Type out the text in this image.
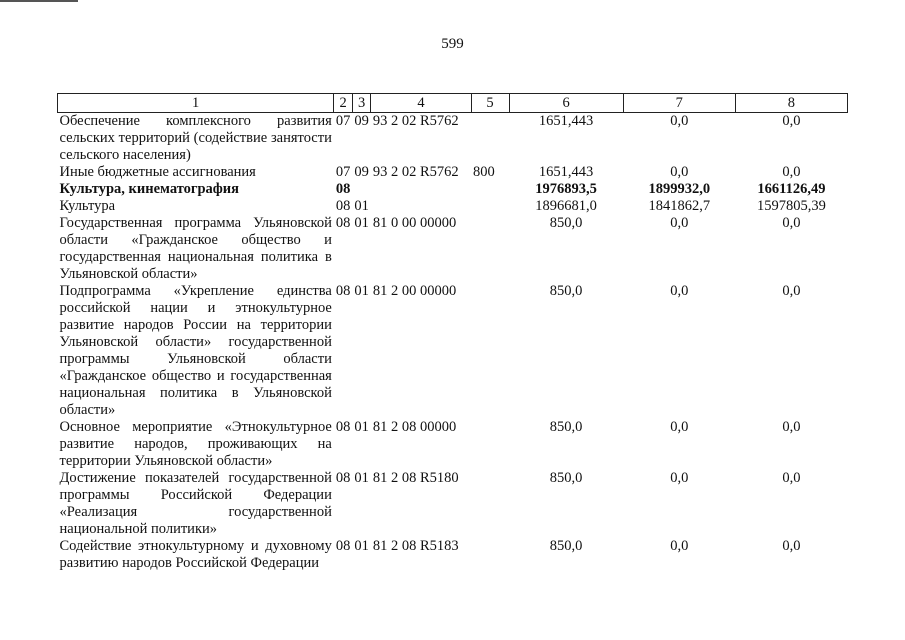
599
1	2	3	4	5	6	7	8
Обеспечение комплексного развития сельских территорий (содействие занятости сельского населения)	07	09	93 2 02 R5762		1651,443	0,0	0,0
Иные бюджетные ассигнования	07	09	93 2 02 R5762	800	1651,443	0,0	0,0
Культура, кинематография	08				1976893,5	1899932,0	1661126,49
Культура	08	01			1896681,0	1841862,7	1597805,39
Государственная программа Ульяновской области «Гражданское общество и государственная национальная политика в Ульяновской области»	08	01	81 0 00 00000		850,0	0,0	0,0
Подпрограмма «Укрепление единства российской нации и этнокультурное развитие народов России на территории Ульяновской области» государственной программы Ульяновской области «Гражданское общество и государственная национальная политика в Ульяновской области»	08	01	81 2 00 00000		850,0	0,0	0,0
Основное мероприятие «Этнокультурное развитие народов, проживающих на территории Ульяновской области»	08	01	81 2 08 00000		850,0	0,0	0,0
Достижение показателей государственной программы Российской Федерации «Реализация государственной национальной политики»	08	01	81 2 08 R5180		850,0	0,0	0,0
Содействие этнокультурному и духовному развитию народов Российской Федерации	08	01	81 2 08 R5183		850,0	0,0	0,0
